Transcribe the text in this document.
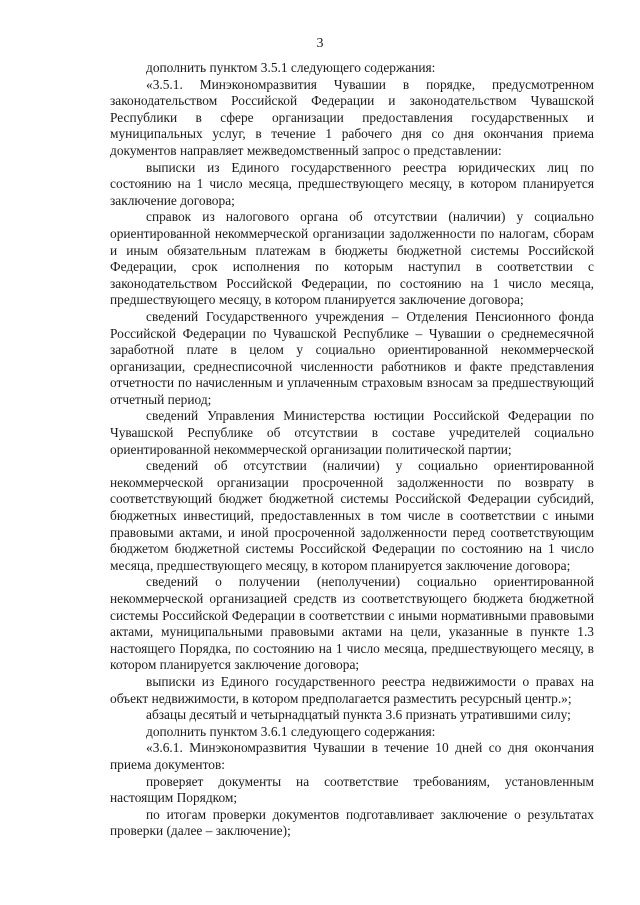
3

дополнить пунктом 3.5.1 следующего содержания:

«3.5.1. Минэкономразвития Чувашии в порядке, предусмотренном законодательством Российской Федерации и законодательством Чувашской Республики в сфере организации предоставления государственных и муниципальных услуг, в течение 1 рабочего дня со дня окончания приема документов направляет межведомственный запрос о представлении:

выписки из Единого государственного реестра юридических лиц по состоянию на 1 число месяца, предшествующего месяцу, в котором планируется заключение договора;

справок из налогового органа об отсутствии (наличии) у социально ориентированной некоммерческой организации задолженности по налогам, сборам и иным обязательным платежам в бюджеты бюджетной системы Российской Федерации, срок исполнения по которым наступил в соответствии с законодательством Российской Федерации, по состоянию на 1 число месяца, предшествующего месяцу, в котором планируется заключение договора;

сведений Государственного учреждения – Отделения Пенсионного фонда Российской Федерации по Чувашской Республике – Чувашии о среднемесячной заработной плате в целом у социально ориентированной некоммерческой организации, среднесписочной численности работников и факте представления отчетности по начисленным и уплаченным страховым взносам за предшествующий отчетный период;

сведений Управления Министерства юстиции Российской Федерации по Чувашской Республике об отсутствии в составе учредителей социально ориентированной некоммерческой организации политической партии;

сведений об отсутствии (наличии) у социально ориентированной некоммерческой организации просроченной задолженности по возврату в соответствующий бюджет бюджетной системы Российской Федерации субсидий, бюджетных инвестиций, предоставленных в том числе в соответствии с иными правовыми актами, и иной просроченной задолженности перед соответствующим бюджетом бюджетной системы Российской Федерации по состоянию на 1 число месяца, предшествующего месяцу, в котором планируется заключение договора;

сведений о получении (неполучении) социально ориентированной некоммерческой организацией средств из соответствующего бюджета бюджетной системы Российской Федерации в соответствии с иными нормативными правовыми актами, муниципальными правовыми актами на цели, указанные в пункте 1.3 настоящего Порядка, по состоянию на 1 число месяца, предшествующего месяцу, в котором планируется заключение договора;

выписки из Единого государственного реестра недвижимости о правах на объект недвижимости, в котором предполагается разместить ресурсный центр.»;

абзацы десятый и четырнадцатый пункта 3.6 признать утратившими силу;

дополнить пунктом 3.6.1 следующего содержания:

«3.6.1. Минэкономразвития Чувашии в течение 10 дней со дня окончания приема документов:

проверяет документы на соответствие требованиям, установленным настоящим Порядком;

по итогам проверки документов подготавливает заключение о результатах проверки (далее – заключение);
